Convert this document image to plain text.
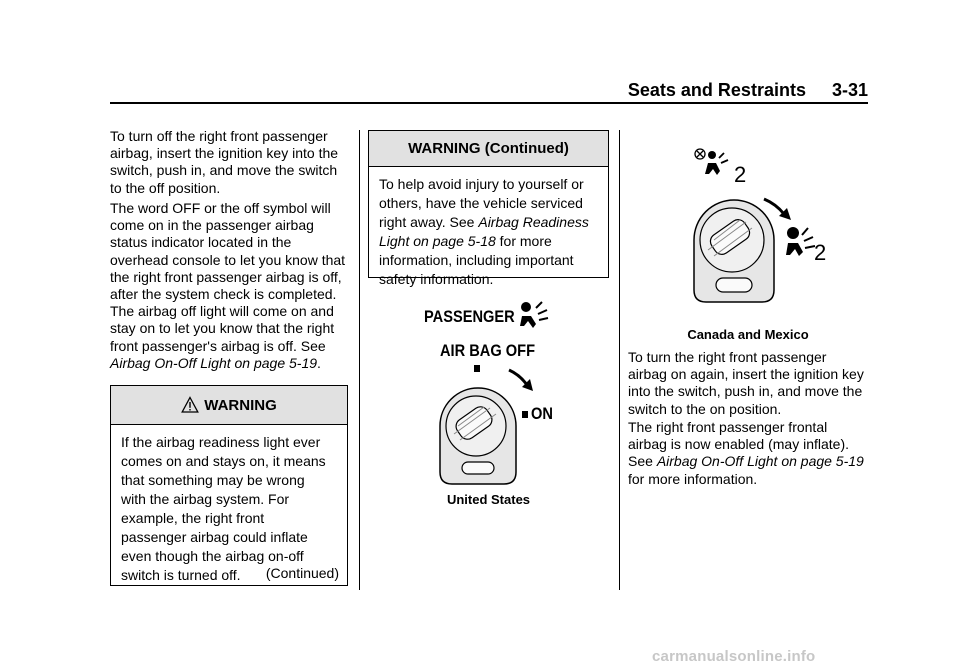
Seats and Restraints 3-31

To turn off the right front passenger airbag, insert the ignition key into the switch, push in, and move the switch to the off position.

The word OFF or the off symbol will come on in the passenger airbag status indicator located in the overhead console to let you know that the right front passenger airbag is off, after the system check is completed. The airbag off light will come on and stay on to let you know that the right front passenger's airbag is off. See Airbag On-Off Light on page 5-19.

WARNING
If the airbag readiness light ever comes on and stays on, it means that something may be wrong with the airbag system. For example, the right front passenger airbag could inflate even though the airbag on-off switch is turned off.	(Continued)
WARNING (Continued)
To help avoid injury to yourself or others, have the vehicle serviced right away. See Airbag Readiness Light on page 5-18 for more information, including important safety information.
PASSENGER
AIR BAG OFF
ON
United States
2
2
Canada and Mexico

To turn the right front passenger airbag on again, insert the ignition key into the switch, push in, and move the switch to the on position.

The right front passenger frontal airbag is now enabled (may inflate). See Airbag On-Off Light on page 5-19 for more information.

carmanualsonline.info
